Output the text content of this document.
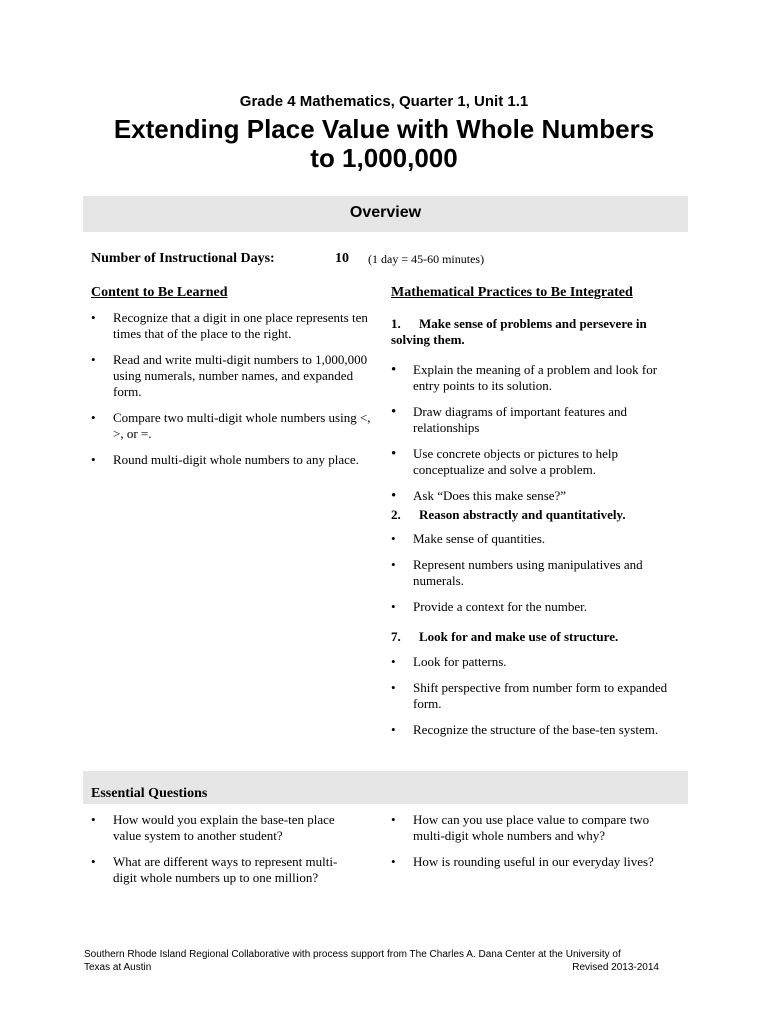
Grade 4 Mathematics, Quarter 1, Unit 1.1
Extending Place Value with Whole Numbers
to 1,000,000
Overview
Number of Instructional Days:	10 (1 day = 45-60 minutes)
Content to Be Learned	Mathematical Practices to Be Integrated
• Recognize that a digit in one place represents ten times that of the place to the right.
• Read and write multi-digit numbers to 1,000,000 using numerals, number names, and expanded form.
• Compare two multi-digit whole numbers using <, >, or =.
• Round multi-digit whole numbers to any place.
1. Make sense of problems and persevere in solving them.
• Explain the meaning of a problem and look for entry points to its solution.
• Draw diagrams of important features and relationships
• Use concrete objects or pictures to help conceptualize and solve a problem.
• Ask “Does this make sense?”
2. Reason abstractly and quantitatively.
• Make sense of quantities.
• Represent numbers using manipulatives and numerals.
• Provide a context for the number.
7. Look for and make use of structure.
• Look for patterns.
• Shift perspective from number form to expanded form.
• Recognize the structure of the base-ten system.
Essential Questions
• How would you explain the base-ten place value system to another student?
• What are different ways to represent multi-digit whole numbers up to one million?
• How can you use place value to compare two multi-digit whole numbers and why?
• How is rounding useful in our everyday lives?
Southern Rhode Island Regional Collaborative with process support from The Charles A. Dana Center at the University of
Texas at Austin	Revised 2013-2014
